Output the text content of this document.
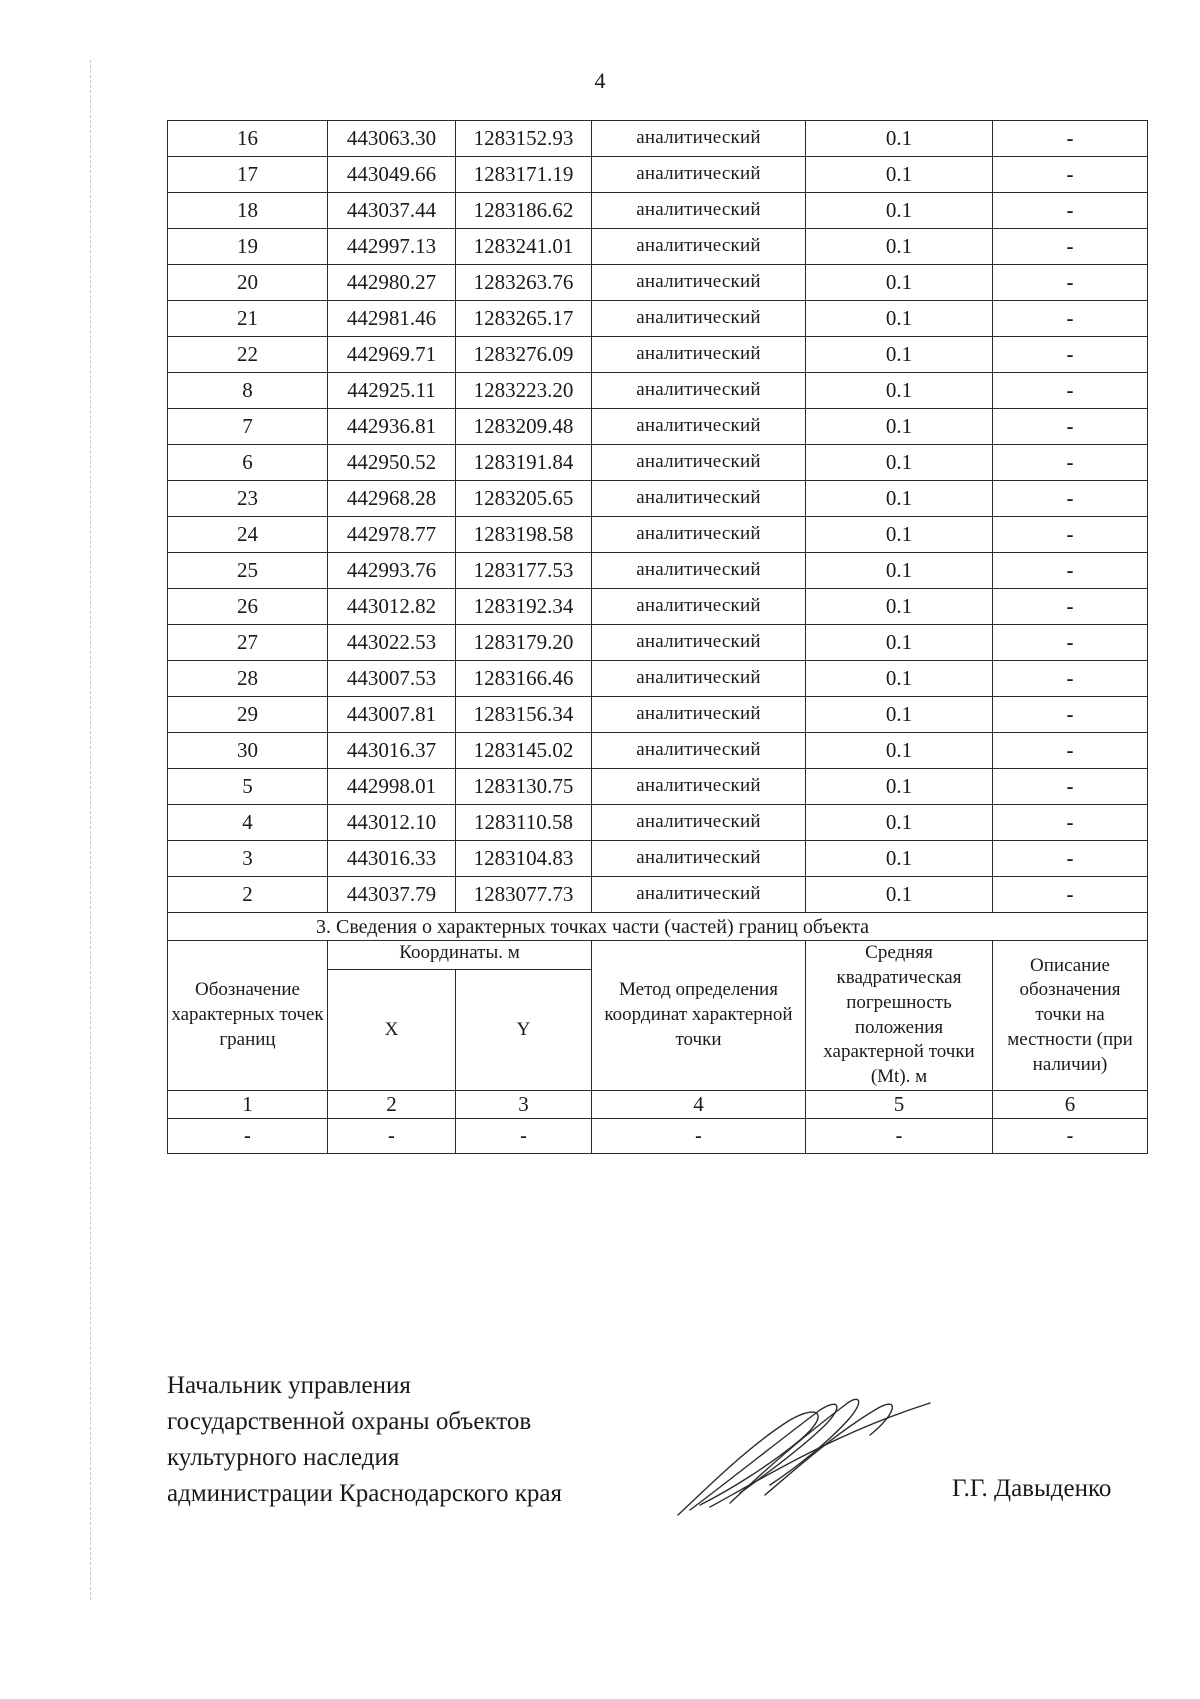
4
16	443063.30	1283152.93	аналитический	0.1	-
17	443049.66	1283171.19	аналитический	0.1	-
18	443037.44	1283186.62	аналитический	0.1	-
19	442997.13	1283241.01	аналитический	0.1	-
20	442980.27	1283263.76	аналитический	0.1	-
21	442981.46	1283265.17	аналитический	0.1	-
22	442969.71	1283276.09	аналитический	0.1	-
8	442925.11	1283223.20	аналитический	0.1	-
7	442936.81	1283209.48	аналитический	0.1	-
6	442950.52	1283191.84	аналитический	0.1	-
23	442968.28	1283205.65	аналитический	0.1	-
24	442978.77	1283198.58	аналитический	0.1	-
25	442993.76	1283177.53	аналитический	0.1	-
26	443012.82	1283192.34	аналитический	0.1	-
27	443022.53	1283179.20	аналитический	0.1	-
28	443007.53	1283166.46	аналитический	0.1	-
29	443007.81	1283156.34	аналитический	0.1	-
30	443016.37	1283145.02	аналитический	0.1	-
5	442998.01	1283130.75	аналитический	0.1	-
4	443012.10	1283110.58	аналитический	0.1	-
3	443016.33	1283104.83	аналитический	0.1	-
2	443037.79	1283077.73	аналитический	0.1	-
3. Сведения о характерных точках части (частей) границ объекта					
Обозначение характерных точек границ	Координаты. м		Метод определения координат характерной точки	Средняя квадратическая погрешность положения характерной точки (Mt). м	Описание обозначения точки на местности (при наличии)
	X	Y			
1	2	3	4	5	6
-	-	-	-	-	-
Начальник управления
государственной охраны объектов
культурного наследия
администрации Краснодарского края	Г.Г. Давыденко
